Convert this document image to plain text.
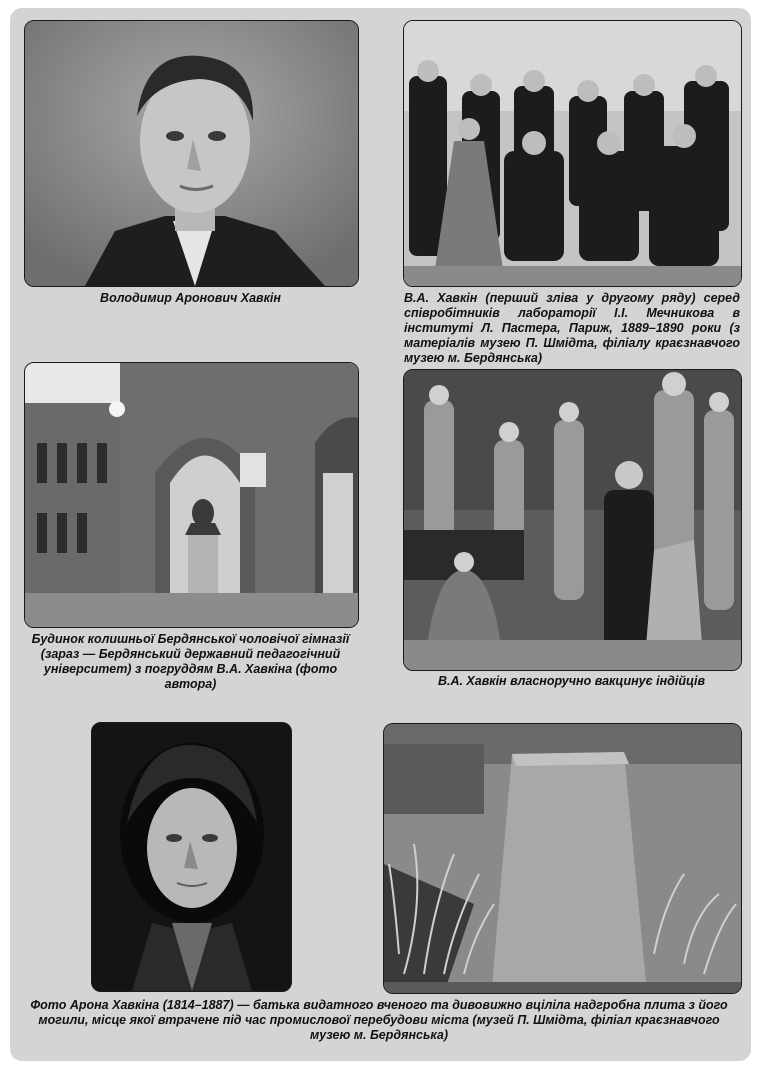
Володимир Аронович Хавкін	В.А. Хавкін (перший зліва у другому ряду) серед співробітників лабораторії І.І. Мечникова в інституті Л. Пастера, Париж, 1889–1890 роки (з матеріалів музею П. Шмідта, філіалу краєзнавчого музею м. Бердянська)
Будинок колишньої Бердянської чоловічої гімназії (зараз — Бердянський державний педагогічний університет) з погруддям В.А. Хавкіна (фото автора)	В.А. Хавкін власноручно вакцинує індійців
Фото Арона Хавкіна (1814–1887) — батька видатного вченого та дивовижно вціліла надгробна плита з його могили, місце якої втрачене під час промислової перебудови міста (музей П. Шмідта, філіал краєзнавчого музею м. Бердянська)
